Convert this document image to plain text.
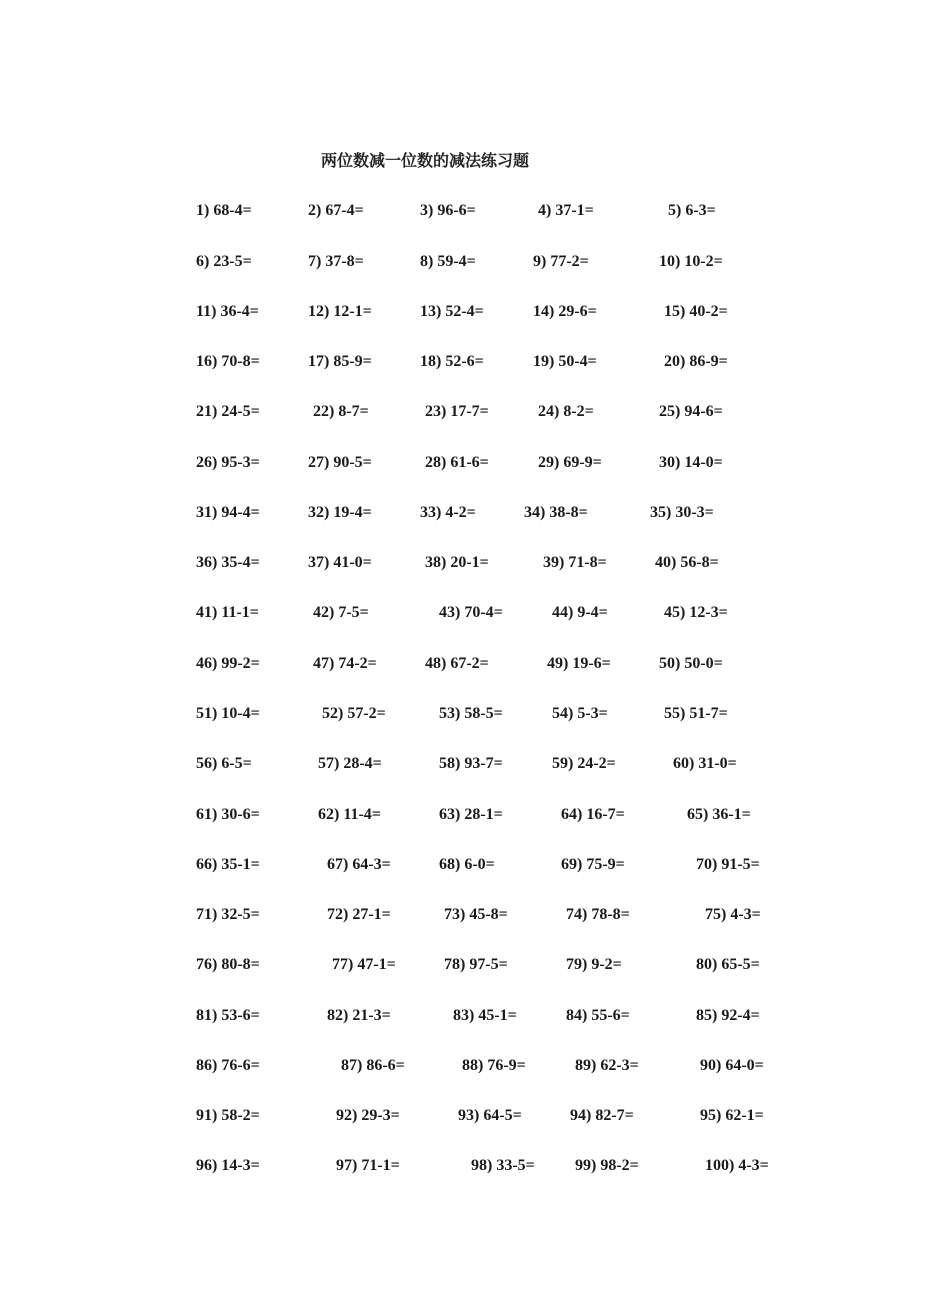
两位数减一位数的减法练习题
1) 68-4=	2) 67-4=	3) 96-6=	4) 37-1=	5) 6-3=
6) 23-5=	7) 37-8=	8) 59-4=	9) 77-2=	10) 10-2=
11) 36-4=	12) 12-1=	13) 52-4=	14) 29-6=	15) 40-2=
16) 70-8=	17) 85-9=	18) 52-6=	19) 50-4=	20) 86-9=
21) 24-5=	22) 8-7=	23) 17-7=	24) 8-2=	25) 94-6=
26) 95-3=	27) 90-5=	28) 61-6=	29) 69-9=	30) 14-0=
31) 94-4=	32) 19-4=	33) 4-2=	34) 38-8=	35) 30-3=
36) 35-4=	37) 41-0=	38) 20-1=	39) 71-8=	40) 56-8=
41) 11-1=	42) 7-5=	43) 70-4=	44) 9-4=	45) 12-3=
46) 99-2=	47) 74-2=	48) 67-2=	49) 19-6=	50) 50-0=
51) 10-4=	52) 57-2=	53) 58-5=	54) 5-3=	55) 51-7=
56) 6-5=	57) 28-4=	58) 93-7=	59) 24-2=	60) 31-0=
61) 30-6=	62) 11-4=	63) 28-1=	64) 16-7=	65) 36-1=
66) 35-1=	67) 64-3=	68) 6-0=	69) 75-9=	70) 91-5=
71) 32-5=	72) 27-1=	73) 45-8=	74) 78-8=	75) 4-3=
76) 80-8=	77) 47-1=	78) 97-5=	79) 9-2=	80) 65-5=
81) 53-6=	82) 21-3=	83) 45-1=	84) 55-6=	85) 92-4=
86) 76-6=	87) 86-6=	88) 76-9=	89) 62-3=	90) 64-0=
91) 58-2=	92) 29-3=	93) 64-5=	94) 82-7=	95) 62-1=
96) 14-3=	97) 71-1=	98) 33-5=	99) 98-2=	100) 4-3=
